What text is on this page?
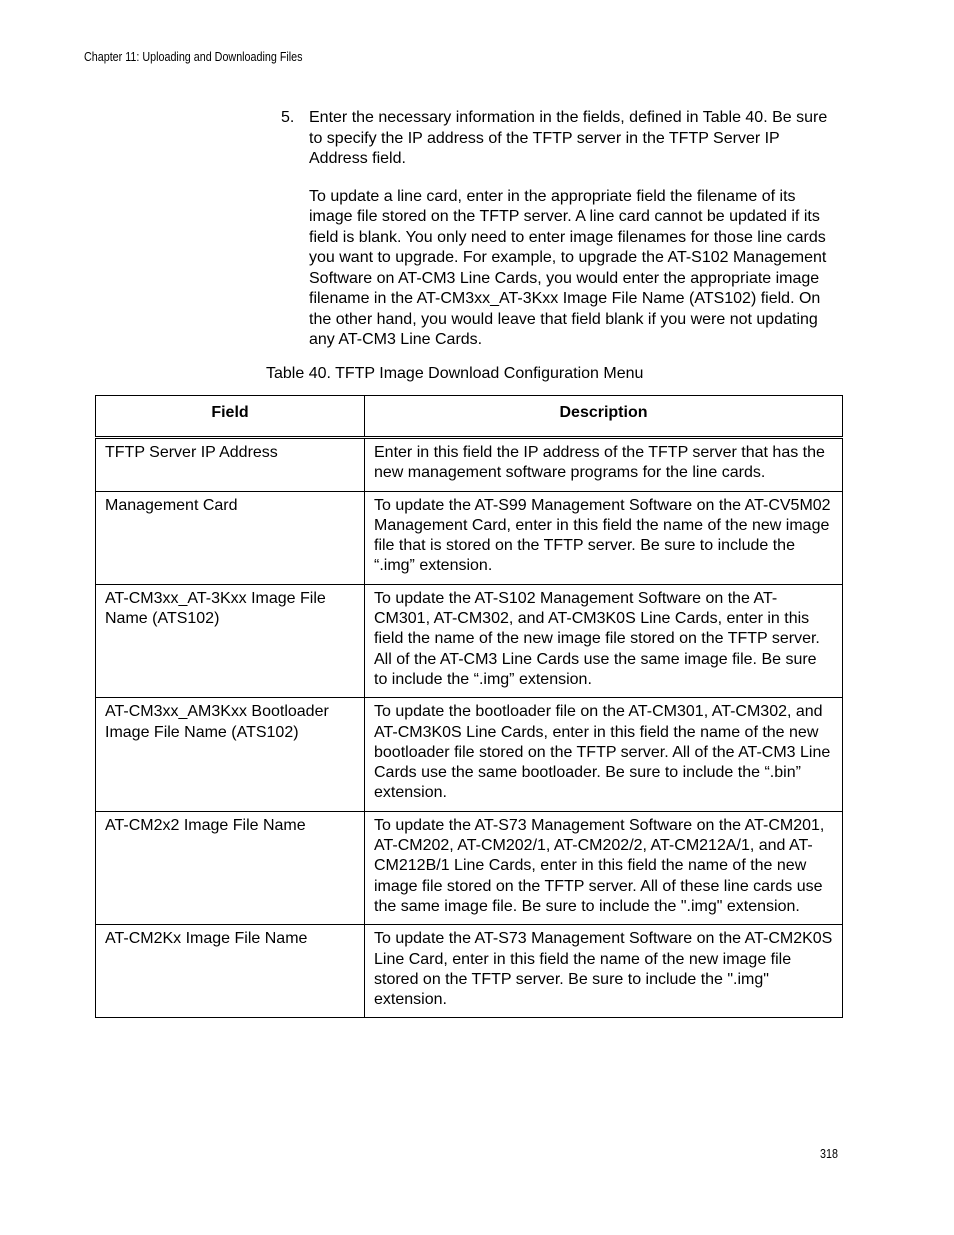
Chapter 11: Uploading and Downloading Files
5. Enter the necessary information in the fields, defined in Table 40. Be sure to specify the IP address of the TFTP server in the TFTP Server IP Address field.

To update a line card, enter in the appropriate field the filename of its image file stored on the TFTP server. A line card cannot be updated if its field is blank. You only need to enter image filenames for those line cards you want to upgrade. For example, to upgrade the AT-S102 Management Software on AT-CM3 Line Cards, you would enter the appropriate image filename in the AT-CM3xx_AT-3Kxx Image File Name (ATS102) field. On the other hand, you would leave that field blank if you were not updating any AT-CM3 Line Cards.

Table 40. TFTP Image Download Configuration Menu
Field	Description
TFTP Server IP Address	Enter in this field the IP address of the TFTP server that has the new management software programs for the line cards.
Management Card	To update the AT-S99 Management Software on the AT-CV5M02 Management Card, enter in this field the name of the new image file that is stored on the TFTP server. Be sure to include the “.img” extension.
AT-CM3xx_AT-3Kxx Image File Name (ATS102)	To update the AT-S102 Management Software on the AT-CM301, AT-CM302, and AT-CM3K0S Line Cards, enter in this field the name of the new image file stored on the TFTP server. All of the AT-CM3 Line Cards use the same image file. Be sure to include the “.img” extension.
AT-CM3xx_AM3Kxx Bootloader Image File Name (ATS102)	To update the bootloader file on the AT-CM301, AT-CM302, and AT-CM3K0S Line Cards, enter in this field the name of the new bootloader file stored on the TFTP server. All of the AT-CM3 Line Cards use the same bootloader. Be sure to include the “.bin” extension.
AT-CM2x2 Image File Name	To update the AT-S73 Management Software on the AT-CM201, AT-CM202, AT-CM202/1, AT-CM202/2, AT-CM212A/1, and AT-CM212B/1 Line Cards, enter in this field the name of the new image file stored on the TFTP server. All of these line cards use the same image file. Be sure to include the ".img" extension.
AT-CM2Kx Image File Name	To update the AT-S73 Management Software on the AT-CM2K0S Line Card, enter in this field the name of the new image file stored on the TFTP server. Be sure to include the ".img" extension.
318
